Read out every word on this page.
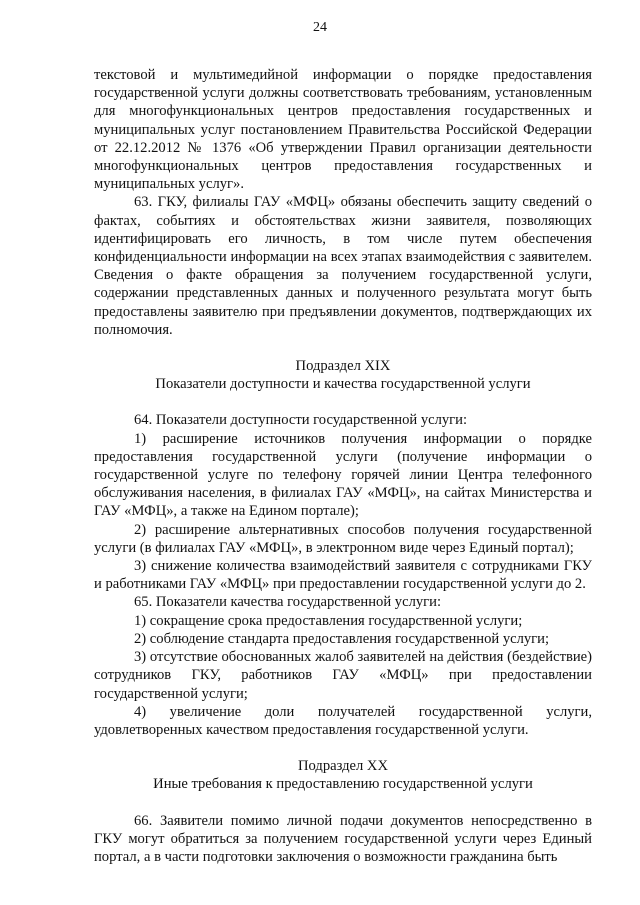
24

текстовой и мультимедийной информации о порядке предоставления государственной услуги должны соответствовать требованиям, установленным для многофункциональных центров предоставления государственных и муниципальных услуг постановлением Правительства Российской Федерации от 22.12.2012 № 1376 «Об утверждении Правил организации деятельности многофункциональных центров предоставления государственных и муниципальных услуг».

63. ГКУ, филиалы ГАУ «МФЦ» обязаны обеспечить защиту сведений о фактах, событиях и обстоятельствах жизни заявителя, позволяющих идентифицировать его личность, в том числе путем обеспечения конфиденциальности информации на всех этапах взаимодействия с заявителем. Сведения о факте обращения за получением государственной услуги, содержании представленных данных и полученного результата могут быть предоставлены заявителю при предъявлении документов, подтверждающих их полномочия.

Подраздел XIX

Показатели доступности и качества государственной услуги

64. Показатели доступности государственной услуги:

1) расширение источников получения информации о порядке предоставления государственной услуги (получение информации о государственной услуге по телефону горячей линии Центра телефонного обслуживания населения, в филиалах ГАУ «МФЦ», на сайтах Министерства и ГАУ «МФЦ», а также на Едином портале);

2) расширение альтернативных способов получения государственной услуги (в филиалах ГАУ «МФЦ», в электронном виде через Единый портал);

3) снижение количества взаимодействий заявителя с сотрудниками ГКУ и работниками ГАУ «МФЦ» при предоставлении государственной услуги до 2.

65. Показатели качества государственной услуги:

1) сокращение срока предоставления государственной услуги;

2) соблюдение стандарта предоставления государственной услуги;

3) отсутствие обоснованных жалоб заявителей на действия (бездействие) сотрудников ГКУ, работников ГАУ «МФЦ» при предоставлении государственной услуги;

4) увеличение доли получателей государственной услуги, удовлетворенных качеством предоставления государственной услуги.

Подраздел XX

Иные требования к предоставлению государственной услуги

66. Заявители помимо личной подачи документов непосредственно в ГКУ могут обратиться за получением государственной услуги через Единый портал, а в части подготовки заключения о возможности гражданина быть
